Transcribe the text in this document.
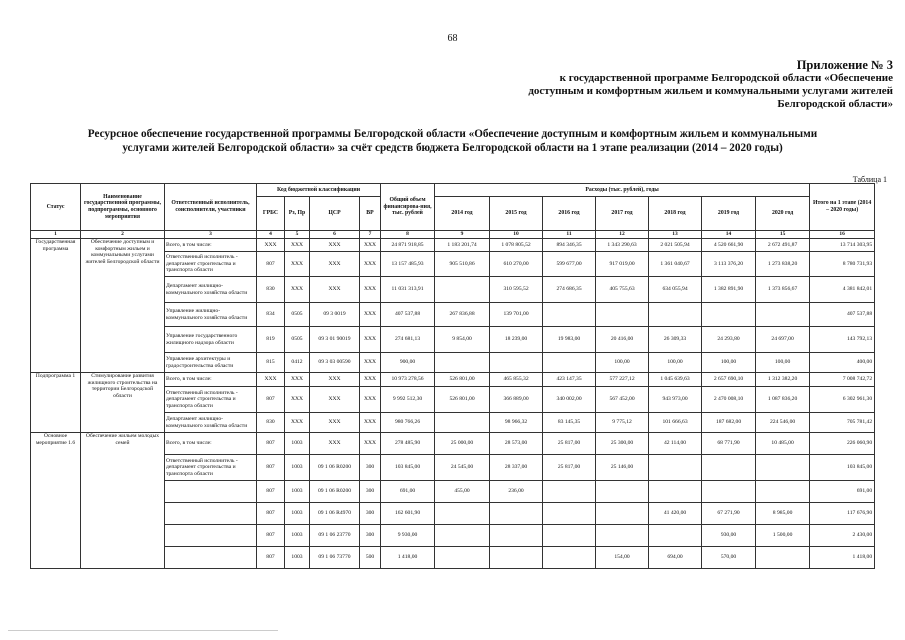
68
Приложение № 3
к государственной программе Белгородской области «Обеспечение
доступным и комфортным жильем и коммунальными услугами жителей
Белгородской области»
Ресурсное обеспечение государственной программы Белгородской области «Обеспечение доступным и комфортным жильем и коммунальными
услугами жителей Белгородской области» за счёт средств бюджета Белгородской области на 1 этапе реализации (2014 – 2020 годы)
Таблица 1
Статус	Наименование государственной программы, подпрограммы, основного мероприятия	Ответственный исполнитель, соисполнители, участники	Код бюджетной классификации				Общий объем финансирова-ния, тыс. рублей	Расходы (тыс. рублей), годы							Итого на 1 этапе (2014 – 2020 годы)
			ГРБС	Рз, Пр	ЦСР	ВР		2014 год	2015 год	2016 год	2017 год	2018 год	2019 год	2020 год	
1	2	3	4	5	6	7	8	9	10	11	12	13	14	15	16
Государственная программа	Обеспечение доступным и комфортным жильем и коммунальными услугами жителей Белгородской области	Всего, в том числе:	XXX	XXX	XXX	XXX	24 871 918,85	1 183 201,74	1 078 805,52	894 346,35	1 343 290,63	2 021 505,94	4 520 661,90	2 672 491,87	13 714 303,95
		Ответственный исполнитель - департамент строительства и транспорта области	807	XXX	XXX	XXX	13 157 485,93	905 510,86	610 270,00	599 677,00	917 019,00	1 361 040,67	3 113 376,20	1 273 838,20	8 780 731,93
		Департамент жилищно-коммунального хозяйства области	830	XXX	XXX	XXX	11 031 313,91		310 595,52	274 686,35	405 755,63	634 055,94	1 382 891,90	1 373 856,67	4 381 842,01
		Управление жилищно-коммунального хозяйства области	834	0505	09 3 0019	XXX	407 537,88	267 836,88	139 701,00						407 537,88
		Управление государственного жилищного надзора области	819	0505	09 3 01 90019	XXX	274 681,13	9 854,00	18 239,00	19 983,00	20 416,00	26 309,33	24 293,80	24 697,00	143 792,13
		Управление архитектуры и градостроительства области	815	0412	09 3 03 00590	XXX	900,00				100,00	100,00	100,00	100,00	400,00
Подпрограмма 1	Стимулирование развития жилищного строительства на территории Белгородской области	Всего, в том числе:	XXX	XXX	XXX	XXX	10 973 278,56	526 801,00	465 855,32	423 147,35	577 227,12	1 045 639,63	2 657 690,10	1 312 382,20	7 008 742,72
		Ответственный исполнитель - департамент строительства и транспорта области	807	XXX	XXX	XXX	9 992 512,30	526 801,00	366 889,00	340 002,00	567 452,00	943 973,00	2 470 008,10	1 087 836,20	6 302 961,30
		Департамент жилищно-коммунального хозяйства области	830	XXX	XXX	XXX	980 766,26		98 966,32	83 145,35	9 775,12	101 666,63	187 682,00	224 546,00	705 781,42
Основное мероприятие 1.6	Обеспечение жильем молодых семей	Всего, в том числе:	807	1003	XXX	XXX	278 485,90	25 000,00	28 573,00	25 817,00	25 300,00	42 114,00	68 771,90	10 485,00	226 060,90
		Ответственный исполнитель - департамент строительства и транспорта области	807	1003	09 1 06 R0200	300	103 845,00	24 545,00	28 337,00	25 817,00	25 146,00				103 845,00
			807	1003	09 1 06 R0200	300	691,00	455,00	236,00						691,00
			807	1003	09 1 06 R4970	300	162 601,90					41 420,00	67 271,90	8 985,00	117 676,90
			807	1003	09 1 06 23770	300	9 930,00						930,00	1 500,00	2 430,00
			807	1003	09 1 06 73770	500	1 418,00				154,00	694,00	570,00		1 418,00
